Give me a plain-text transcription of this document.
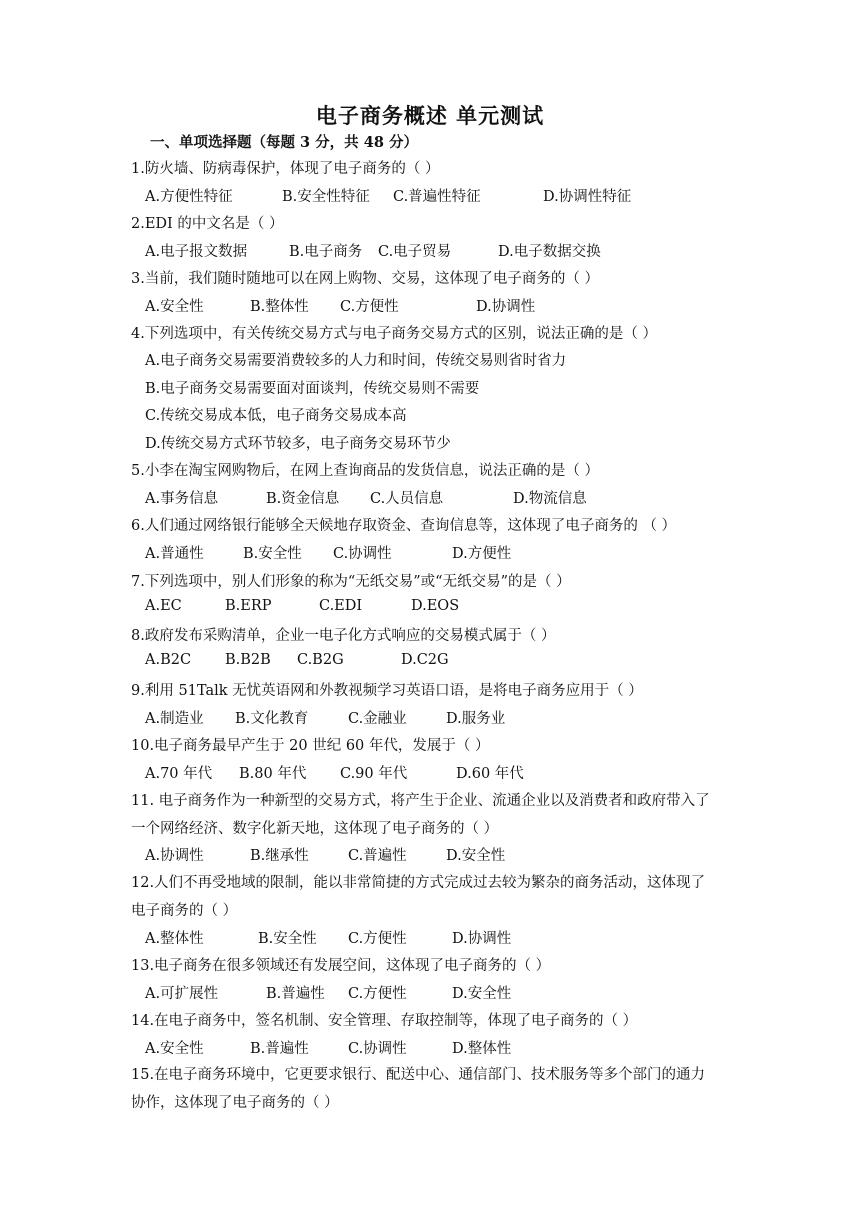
电子商务概述 单元测试
一、单项选择题（每题 3 分，共 48 分）
1.防火墙、防病毒保护，体现了电子商务的（ ）
A.方便性特征	B.安全性特征 C.普遍性特征	D.协调性特征
2.EDI 的中文名是（ ）
A.电子报文数据	B.电子商务 C.电子贸易	D.电子数据交换
3.当前，我们随时随地可以在网上购物、交易，这体现了电子商务的（ ）
A.安全性	B.整体性 C.方便性	D.协调性
4.下列选项中，有关传统交易方式与电子商务交易方式的区别，说法正确的是（ ）
A.电子商务交易需要消费较多的人力和时间，传统交易则省时省力
B.电子商务交易需要面对面谈判，传统交易则不需要
C.传统交易成本低，电子商务交易成本高
D.传统交易方式环节较多，电子商务交易环节少
5.小李在淘宝网购物后，在网上查询商品的发货信息，说法正确的是（ ）
A.事务信息	B.资金信息 C.人员信息	D.物流信息
6.人们通过网络银行能够全天候地存取资金、查询信息等，这体现了电子商务的 （ ）
A.普通性	B.安全性 C.协调性	D.方便性
7.下列选项中，别人们形象的称为“无纸交易”或“无纸交易”的是（ ）
A.EC	B.ERP	C.EDI	D.EOS
8.政府发布采购清单，企业一电子化方式响应的交易模式属于（ ）
A.B2C B.B2B C.B2G	D.C2G
9.利用 51Talk 无忧英语网和外教视频学习英语口语，是将电子商务应用于（ ）
A.制造业 B.文化教育	C.金融业	D.服务业
10.电子商务最早产生于 20 世纪 60 年代，发展于（ ）
A.70 年代 B.80 年代 C.90 年代	D.60 年代
11. 电子商务作为一种新型的交易方式，将产生于企业、流通企业以及消费者和政府带入了
一个网络经济、数字化新天地，这体现了电子商务的（ ）
A.协调性	B.继承性	C.普遍性	D.安全性
12.人们不再受地域的限制，能以非常简捷的方式完成过去较为繁杂的商务活动，这体现了
电子商务的（ ）
A.整体性	B.安全性 C.方便性	D.协调性
13.电子商务在很多领域还有发展空间，这体现了电子商务的（ ）
A.可扩展性	B.普遍性 C.方便性	D.安全性
14.在电子商务中，签名机制、安全管理、存取控制等，体现了电子商务的（ ）
A.安全性	B.普遍性	C.协调性	D.整体性
15.在电子商务环境中，它更要求银行、配送中心、通信部门、技术服务等多个部门的通力
协作，这体现了电子商务的（ ）
